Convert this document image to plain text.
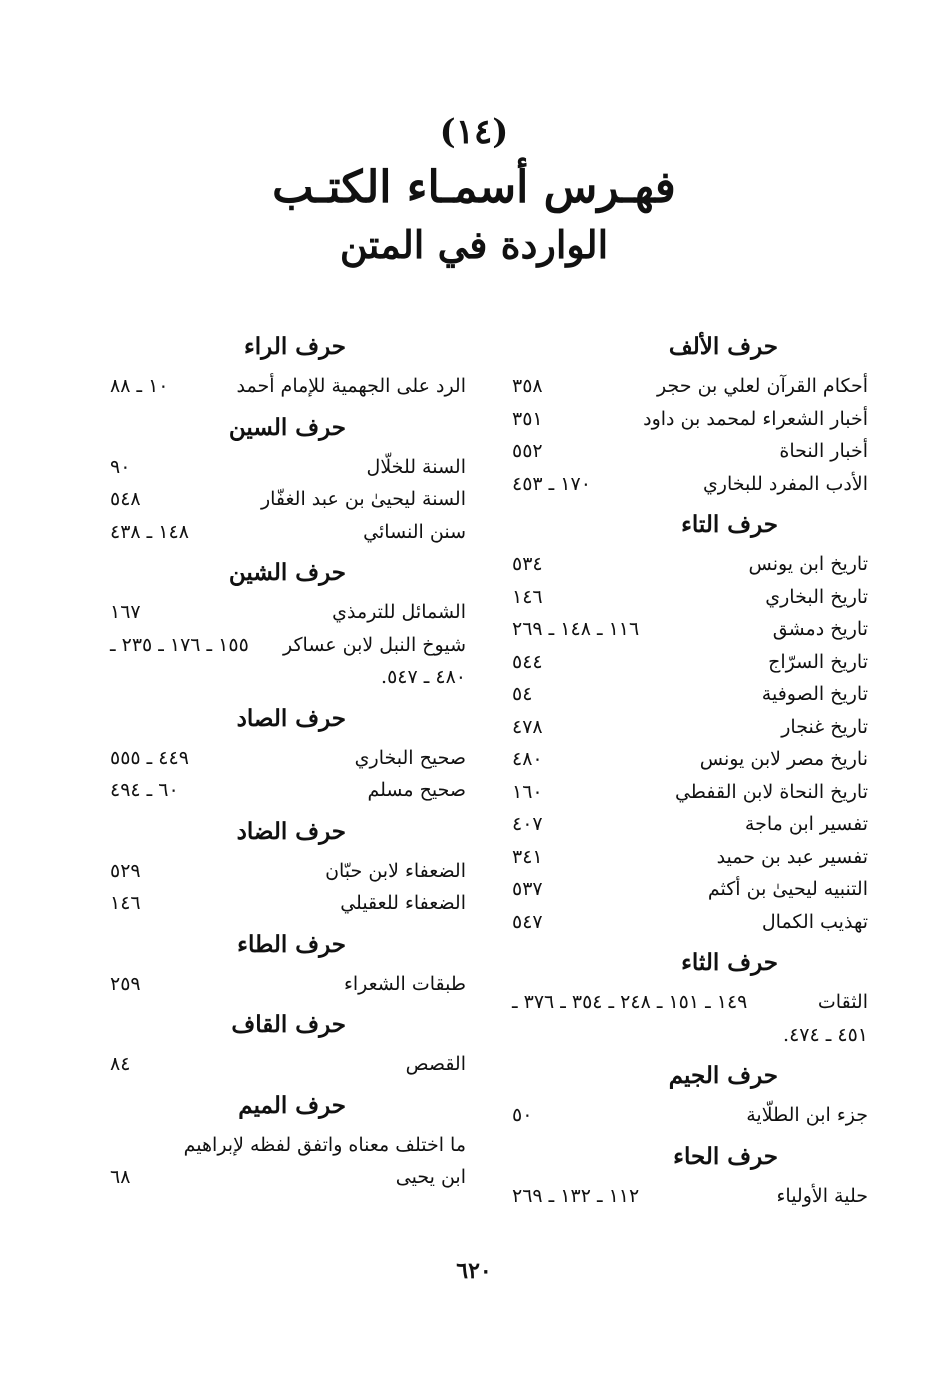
(١٤)
فهـرس أسمـاء الكتـب
الواردة في المتن
حرف الألف
أحكام القرآن لعلي بن حجر
٣٥٨
أخبار الشعراء لمحمد بن داود
٣٥١
أخبار النحاة
٥٥٢
الأدب المفرد للبخاري
١٧٠ ـ ٤٥٣
حرف التاء
تاريخ ابن يونس
٥٣٤
تاريخ البخاري
١٤٦
تاريخ دمشق
١١٦ ـ ١٤٨ ـ ٢٦٩
تاريخ السرّاج
٥٤٤
تاريخ الصوفية
٥٤
تاريخ غنجار
٤٧٨
ناريخ مصر لابن يونس
٤٨٠
تاريخ النحاة لابن القفطي
١٦٠
تفسير ابن ماجة
٤٠٧
تفسير عبد بن حميد
٣٤١
التنبيه ليحيىٰ بن أكثم
٥٣٧
تهذيب الكمال
٥٤٧
حرف الثاء
الثقات
١٤٩ ـ ١٥١ ـ ٢٤٨ ـ ٣٥٤ ـ ٣٧٦ ـ
٤٥١ ـ ٤٧٤.
حرف الجيم
جزء ابن الطلّاية
٥٠
حرف الحاء
حلية الأولياء
١١٢ ـ ١٣٢ ـ ٢٦٩
حرف الراء
الرد على الجهمية للإمام أحمد
١٠ ـ ٨٨
حرف السين
السنة للخلّال
٩٠
السنة ليحيىٰ بن عبد الغفّار
٥٤٨
سنن النسائي
١٤٨ ـ ٤٣٨
حرف الشين
الشمائل للترمذي
١٦٧
شيوخ النبل لابن عساكر
١٥٥ ـ ١٧٦ ـ ٢٣٥ ـ
٤٨٠ ـ ٥٤٧.
حرف الصاد
صحيح البخاري
٤٤٩ ـ ٥٥٥
صحيح مسلم
٦٠ ـ ٤٩٤
حرف الضاد
الضعفاء لابن حبّان
٥٢٩
الضعفاء للعقيلي
١٤٦
حرف الطاء
طبقات الشعراء
٢٥٩
حرف القاف
القصص
٨٤
حرف الميم
ما اختلف معناه واتفق لفظه لإبراهيم
ابن يحيى
٦٨
٦٢٠
